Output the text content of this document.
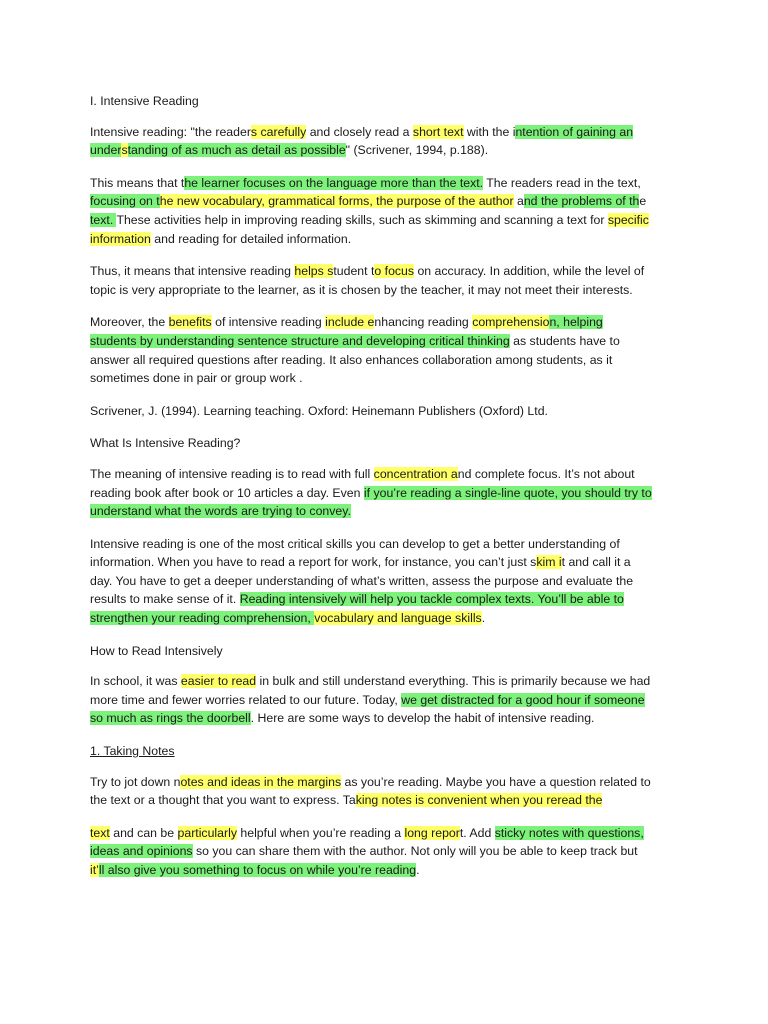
I. Intensive Reading
Intensive reading: "the readers carefully and closely read a short text with the intention of gaining an
understanding of as much as detail as possible" (Scrivener, 1994, p.188).
This means that the learner focuses on the language more than the text. The readers read in the text,
focusing on the new vocabulary, grammatical forms, the purpose of the author and the problems of the
text. These activities help in improving reading skills, such as skimming and scanning a text for specific
information and reading for detailed information.
Thus, it means that intensive reading helps student to focus on accuracy. In addition, while the level of
topic is very appropriate to the learner, as it is chosen by the teacher, it may not meet their interests.
Moreover, the benefits of intensive reading include enhancing reading comprehension, helping
students by understanding sentence structure and developing critical thinking as students have to
answer all required questions after reading. It also enhances collaboration among students, as it
sometimes done in pair or group work .
Scrivener, J. (1994). Learning teaching. Oxford: Heinemann Publishers (Oxford) Ltd.
What Is Intensive Reading?
The meaning of intensive reading is to read with full concentration and complete focus. It’s not about
reading book after book or 10 articles a day. Even if you’re reading a single-line quote, you should try to
understand what the words are trying to convey.
Intensive reading is one of the most critical skills you can develop to get a better understanding of
information. When you have to read a report for work, for instance, you can’t just skim it and call it a
day. You have to get a deeper understanding of what’s written, assess the purpose and evaluate the
results to make sense of it. Reading intensively will help you tackle complex texts. You’ll be able to
strengthen your reading comprehension, vocabulary and language skills.
How to Read Intensively
In school, it was easier to read in bulk and still understand everything. This is primarily because we had
more time and fewer worries related to our future. Today, we get distracted for a good hour if someone
so much as rings the doorbell. Here are some ways to develop the habit of intensive reading.
1. Taking Notes
Try to jot down notes and ideas in the margins as you’re reading. Maybe you have a question related to
the text or a thought that you want to express. Taking notes is convenient when you reread the
text and can be particularly helpful when you’re reading a long report. Add sticky notes with questions,
ideas and opinions so you can share them with the author. Not only will you be able to keep track but
it’ll also give you something to focus on while you’re reading.
